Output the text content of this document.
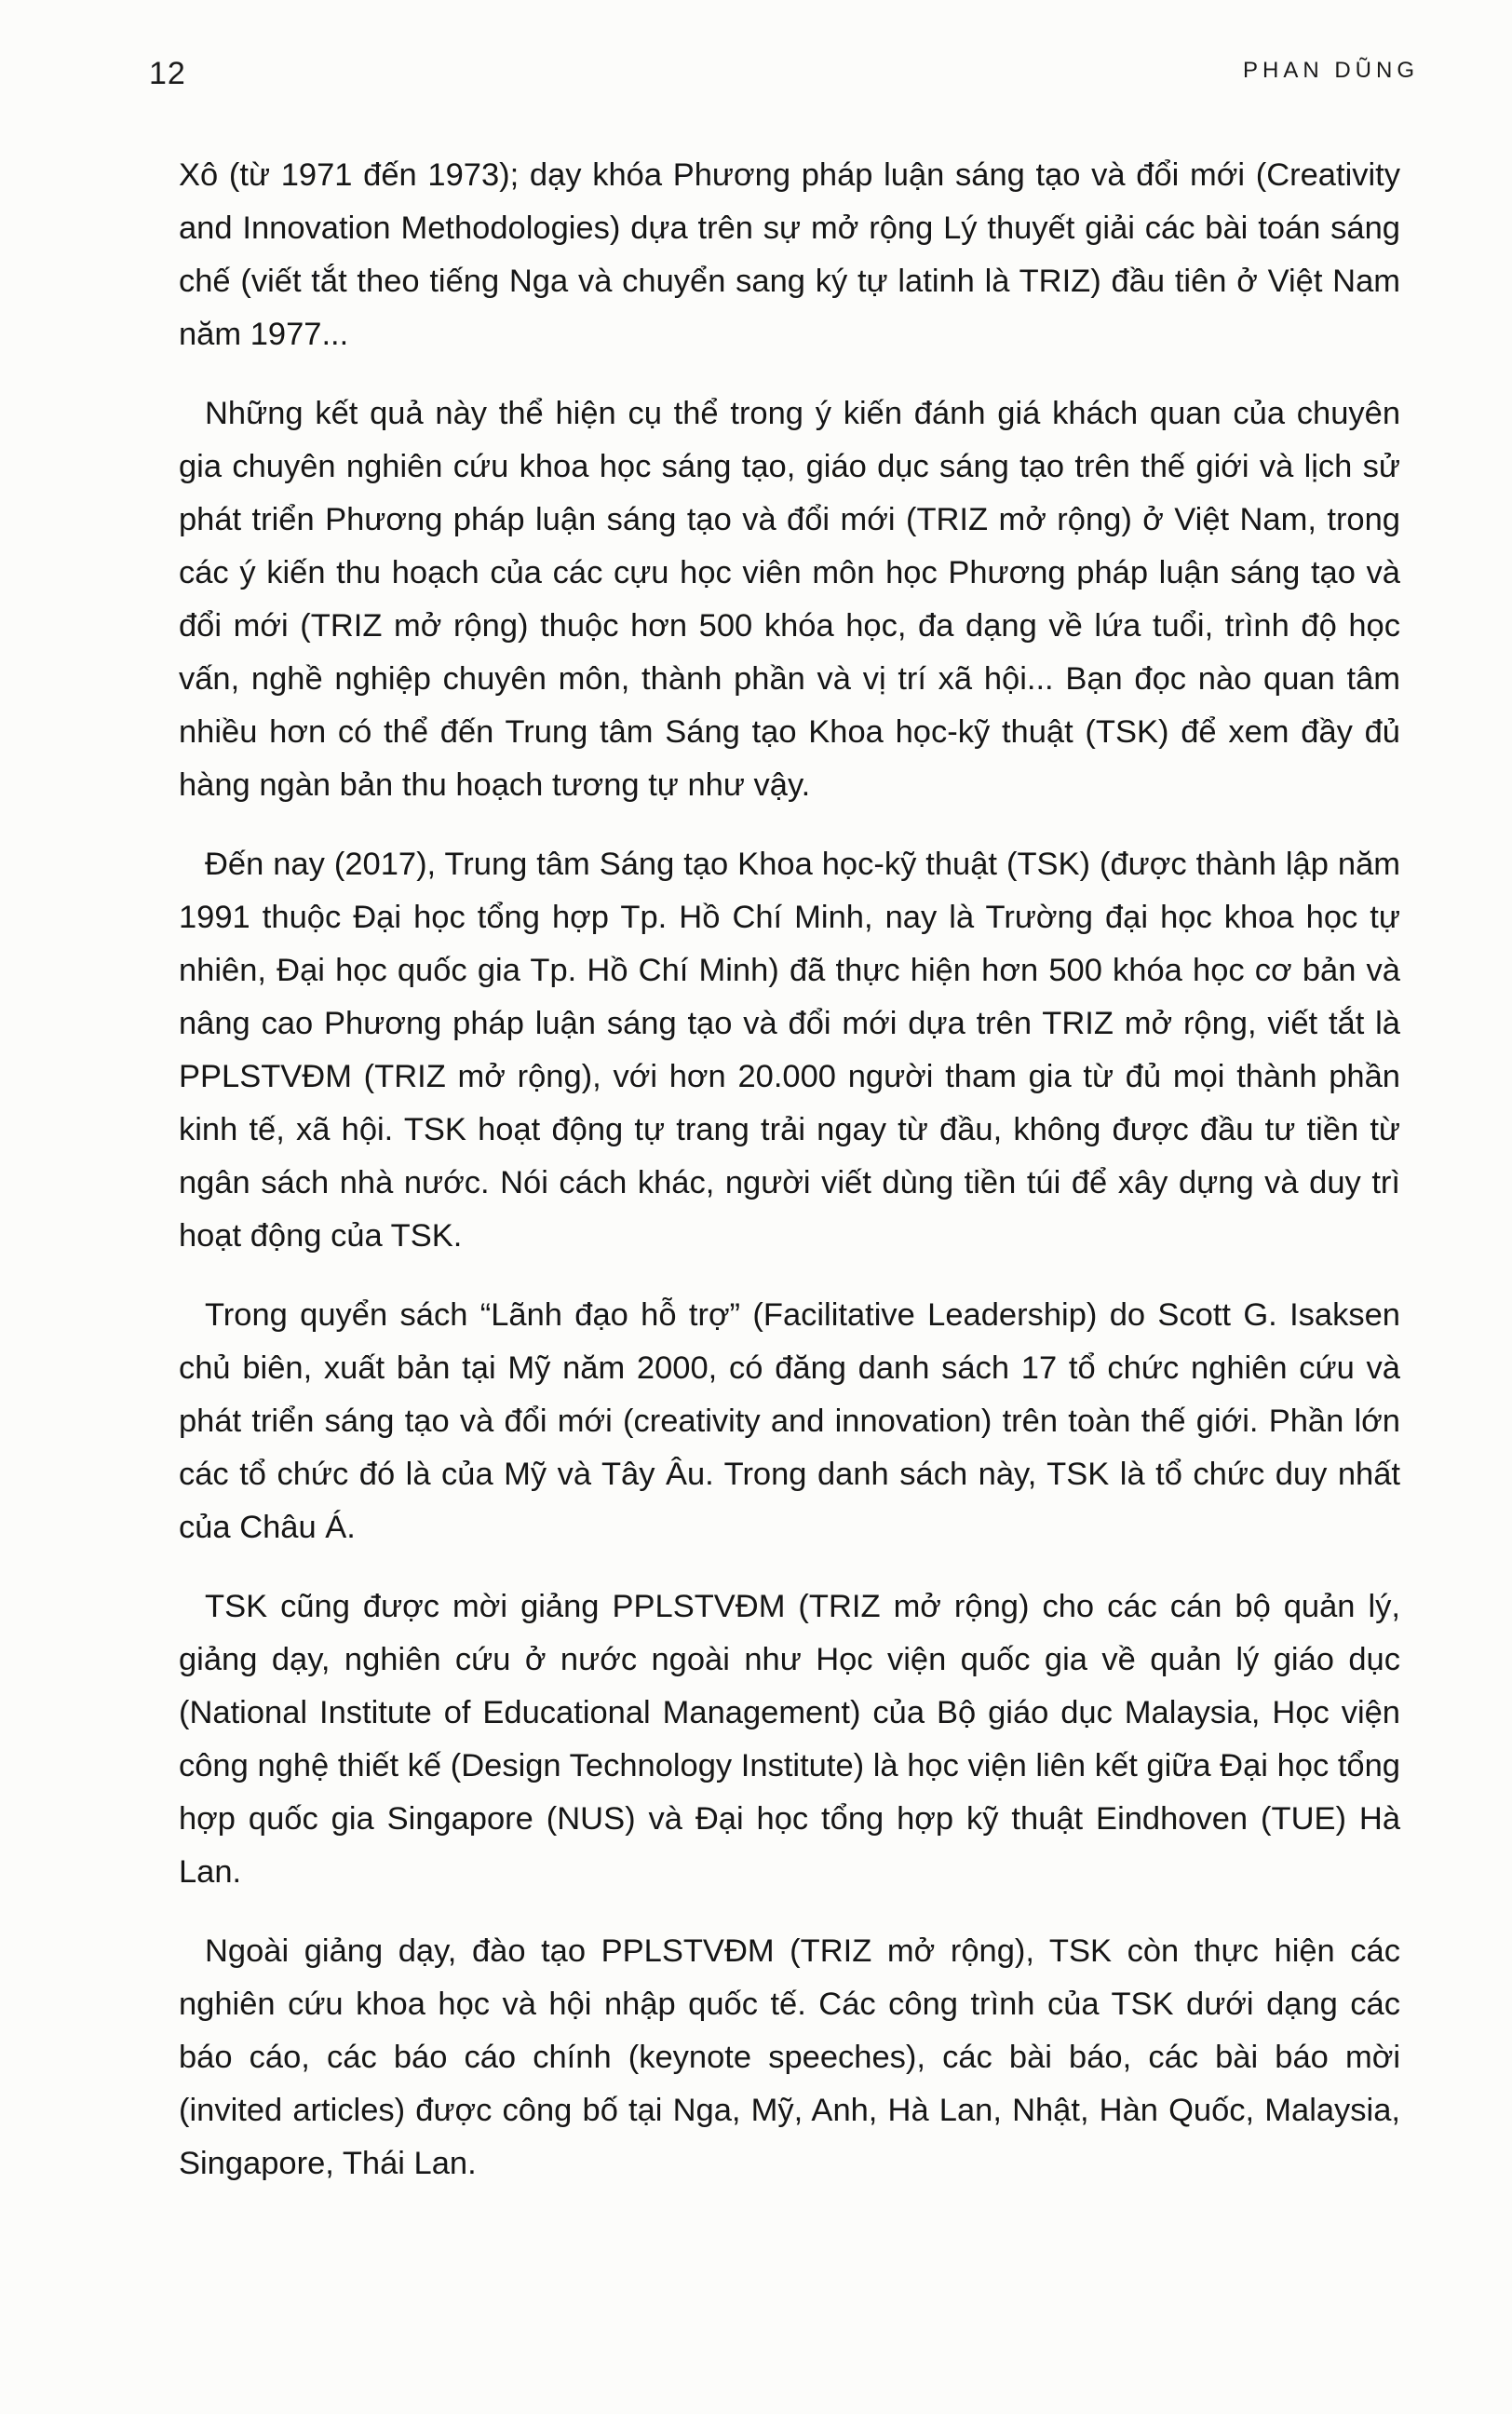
12	PHAN DŨNG

Xô (từ 1971 đến 1973); dạy khóa Phương pháp luận sáng tạo và đổi mới (Creativity and Innovation Methodologies) dựa trên sự mở rộng Lý thuyết giải các bài toán sáng chế (viết tắt theo tiếng Nga và chuyển sang ký tự latinh là TRIZ) đầu tiên ở Việt Nam năm 1977...

Những kết quả này thể hiện cụ thể trong ý kiến đánh giá khách quan của chuyên gia chuyên nghiên cứu khoa học sáng tạo, giáo dục sáng tạo trên thế giới và lịch sử phát triển Phương pháp luận sáng tạo và đổi mới (TRIZ mở rộng) ở Việt Nam, trong các ý kiến thu hoạch của các cựu học viên môn học Phương pháp luận sáng tạo và đổi mới (TRIZ mở rộng) thuộc hơn 500 khóa học, đa dạng về lứa tuổi, trình độ học vấn, nghề nghiệp chuyên môn, thành phần và vị trí xã hội... Bạn đọc nào quan tâm nhiều hơn có thể đến Trung tâm Sáng tạo Khoa học-kỹ thuật (TSK) để xem đầy đủ hàng ngàn bản thu hoạch tương tự như vậy.

Đến nay (2017), Trung tâm Sáng tạo Khoa học-kỹ thuật (TSK) (được thành lập năm 1991 thuộc Đại học tổng hợp Tp. Hồ Chí Minh, nay là Trường đại học khoa học tự nhiên, Đại học quốc gia Tp. Hồ Chí Minh) đã thực hiện hơn 500 khóa học cơ bản và nâng cao Phương pháp luận sáng tạo và đổi mới dựa trên TRIZ mở rộng, viết tắt là PPLSTVĐM (TRIZ mở rộng), với hơn 20.000 người tham gia từ đủ mọi thành phần kinh tế, xã hội. TSK hoạt động tự trang trải ngay từ đầu, không được đầu tư tiền từ ngân sách nhà nước. Nói cách khác, người viết dùng tiền túi để xây dựng và duy trì hoạt động của TSK.

Trong quyển sách “Lãnh đạo hỗ trợ” (Facilitative Leadership) do Scott G. Isaksen chủ biên, xuất bản tại Mỹ năm 2000, có đăng danh sách 17 tổ chức nghiên cứu và phát triển sáng tạo và đổi mới (creativity and innovation) trên toàn thế giới. Phần lớn các tổ chức đó là của Mỹ và Tây Âu. Trong danh sách này, TSK là tổ chức duy nhất của Châu Á.

TSK cũng được mời giảng PPLSTVĐM (TRIZ mở rộng) cho các cán bộ quản lý, giảng dạy, nghiên cứu ở nước ngoài như Học viện quốc gia về quản lý giáo dục (National Institute of Educational Management) của Bộ giáo dục Malaysia, Học viện công nghệ thiết kế (Design Technology Institute) là học viện liên kết giữa Đại học tổng hợp quốc gia Singapore (NUS) và Đại học tổng hợp kỹ thuật Eindhoven (TUE) Hà Lan.

Ngoài giảng dạy, đào tạo PPLSTVĐM (TRIZ mở rộng), TSK còn thực hiện các nghiên cứu khoa học và hội nhập quốc tế. Các công trình của TSK dưới dạng các báo cáo, các báo cáo chính (keynote speeches), các bài báo, các bài báo mời (invited articles) được công bố tại Nga, Mỹ, Anh, Hà Lan, Nhật, Hàn Quốc, Malaysia, Singapore, Thái Lan.
